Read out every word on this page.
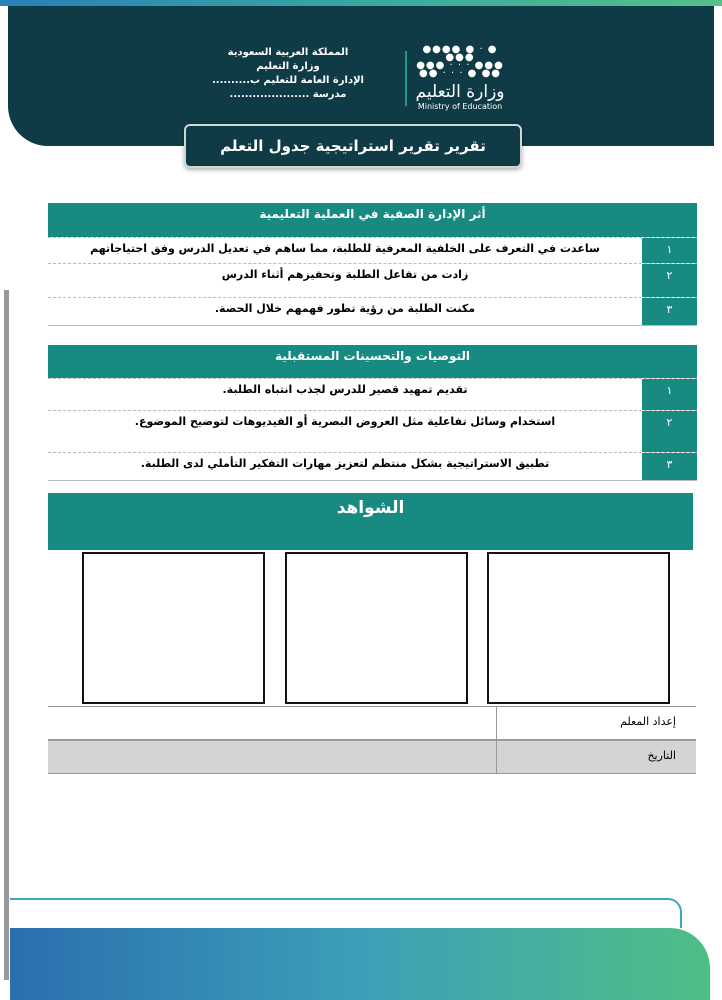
المملكة العربية السعودية
وزارة التعليم
الإدارة العامة للتعليم ب..........
مدرسة .....................
●●●● ● · ● ●●●
●●● · · · ●●●
●● · · · ● ●●
وزارة التعليم
Ministry of Education
تقرير تقرير استراتيجية جدول التعلم
أثر الإدارة الصفية في العملية التعليمية
ساعدت في التعرف على الخلفية المعرفية للطلبة، مما ساهم في تعديل الدرس وفق احتياجاتهم	١
زادت من تفاعل الطلبة وتحفيزهم أثناء الدرس	٢
مكنت الطلبة من رؤية تطور فهمهم خلال الحصة.	٣
التوصيات والتحسينات المستقبلية
تقديم تمهيد قصير للدرس لجذب انتباه الطلبة.	١
استخدام وسائل تفاعلية مثل العروض البصرية أو الفيديوهات لتوضيح الموضوع.	٢
تطبيق الاستراتيجية بشكل منتظم لتعزيز مهارات التفكير التأملي لدى الطلبة.	٣
الشواهد
إعداد المعلم
التاريخ
